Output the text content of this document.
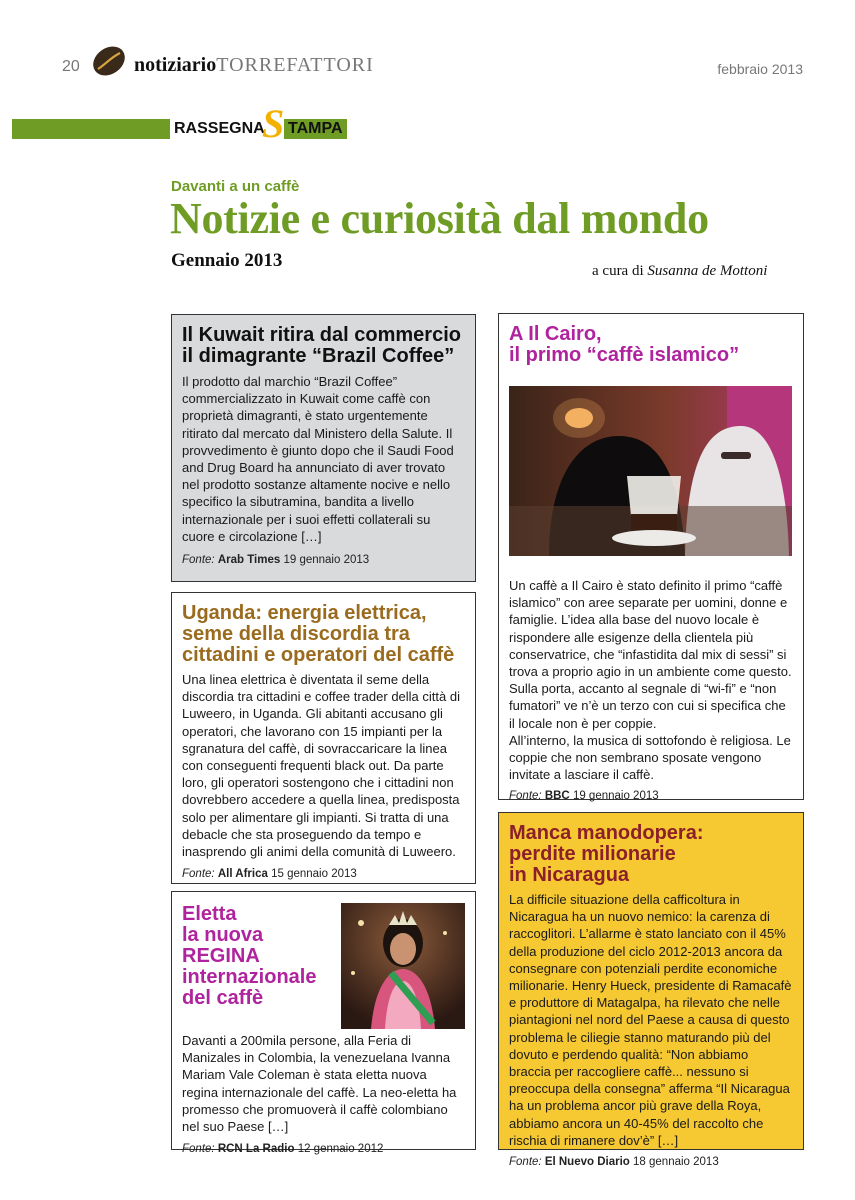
20	notiziarioTORREFATTORI	febbraio 2013
RASSEGNA TAMPA
S
Davanti a un caffè
Notizie e curiosità dal mondo
Gennaio 2013	a cura di Susanna de Mottoni
Il Kuwait ritira dal commercio il dimagrante “Brazil Coffee”

Il prodotto dal marchio “Brazil Coffee” commercializzato in Kuwait come caffè con proprietà dimagranti, è stato urgentemente ritirato dal mercato dal Ministero della Salute. Il provvedimento è giunto dopo che il Saudi Food and Drug Board ha annunciato di aver trovato nel prodotto sostanze altamente nocive e nello specifico la sibutramina, bandita a livello internazionale per i suoi effetti collaterali su cuore e circolazione […]

Fonte: Arab Times 19 gennaio 2013
Uganda: energia elettrica, seme della discordia tra cittadini e operatori del caffè

Una linea elettrica è diventata il seme della discordia tra cittadini e coffee trader della città di Luweero, in Uganda. Gli abitanti accusano gli operatori, che lavorano con 15 impianti per la sgranatura del caffè, di sovraccaricare la linea con conseguenti frequenti black out. Da parte loro, gli operatori sostengono che i cittadini non dovrebbero accedere a quella linea, predisposta solo per alimentare gli impianti. Si tratta di una debacle che sta proseguendo da tempo e inasprendo gli animi della comunità di Luweero.

Fonte: All Africa 15 gennaio 2013
Eletta
la nuova
REGINA
internazionale
del caffè

Davanti a 200mila persone, alla Feria di Manizales in Colombia, la venezuelana Ivanna Mariam Vale Coleman è stata eletta nuova regina internazionale del caffè. La neo-eletta ha promesso che promuoverà il caffè colombiano nel suo Paese […]

Fonte: RCN La Radio 12 gennaio 2012
A Il Cairo,
il primo “caffè islamico”

Un caffè a Il Cairo è stato definito il primo “caffè islamico” con aree separate per uomini, donne e famiglie. L’idea alla base del nuovo locale è rispondere alle esigenze della clientela più conservatrice, che “infastidita dal mix di sessi” si trova a proprio agio in un ambiente come questo.

Sulla porta, accanto al segnale di “wi-fi” e “non fumatori” ve n’è un terzo con cui si specifica che il locale non è per coppie.

All’interno, la musica di sottofondo è religiosa. Le coppie che non sembrano sposate vengono invitate a lasciare il caffè.

Fonte: BBC 19 gennaio 2013
Manca manodopera:
perdite milionarie
in Nicaragua

La difficile situazione della cafficoltura in Nicaragua ha un nuovo nemico: la carenza di raccoglitori. L’allarme è stato lanciato con il 45% della produzione del ciclo 2012-2013 ancora da consegnare con potenziali perdite economiche milionarie. Henry Hueck, presidente di Ramacafè e produttore di Matagalpa, ha rilevato che nelle piantagioni nel nord del Paese a causa di questo problema le ciliegie stanno maturando più del dovuto e perdendo qualità: “Non abbiamo braccia per raccogliere caffè... nessuno si preoccupa della consegna” afferma “Il Nicaragua ha un problema ancor più grave della Roya, abbiamo ancora un 40-45% del raccolto che rischia di rimanere dov’è” […]

Fonte: El Nuevo Diario 18 gennaio 2013
